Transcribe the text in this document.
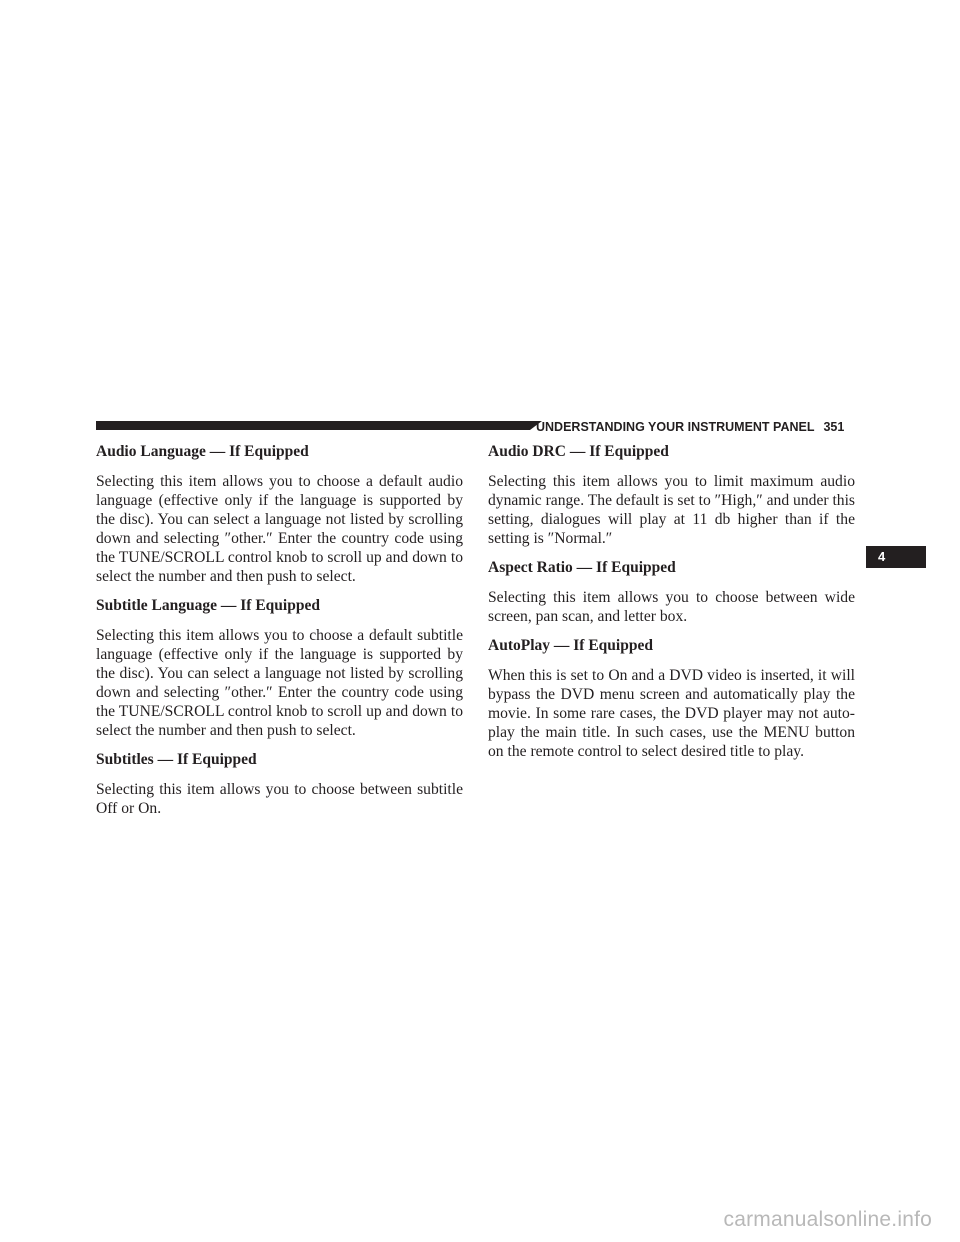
UNDERSTANDING YOUR INSTRUMENT PANEL 351
Audio Language — If Equipped

Selecting this item allows you to choose a default audio language (effective only if the language is supported by the disc). You can select a language not listed by scrolling down and selecting ″other.″ Enter the country code using the TUNE/SCROLL control knob to scroll up and down to select the number and then push to select.

Subtitle Language — If Equipped

Selecting this item allows you to choose a default subtitle language (effective only if the language is supported by the disc). You can select a language not listed by scrolling down and selecting ″other.″ Enter the country code using the TUNE/SCROLL control knob to scroll up and down to select the number and then push to select.

Subtitles — If Equipped

Selecting this item allows you to choose between subtitle Off or On.

Audio DRC — If Equipped

Selecting this item allows you to limit maximum audio dynamic range. The default is set to ″High,″ and under this setting, dialogues will play at 11 db higher than if the setting is ″Normal.″

Aspect Ratio — If Equipped

Selecting this item allows you to choose between wide screen, pan scan, and letter box.

AutoPlay — If Equipped

When this is set to On and a DVD video is inserted, it will bypass the DVD menu screen and automatically play the movie. In some rare cases, the DVD player may not auto-play the main title. In such cases, use the MENU button on the remote control to select desired title to play.

4
carmanualsonline.info
